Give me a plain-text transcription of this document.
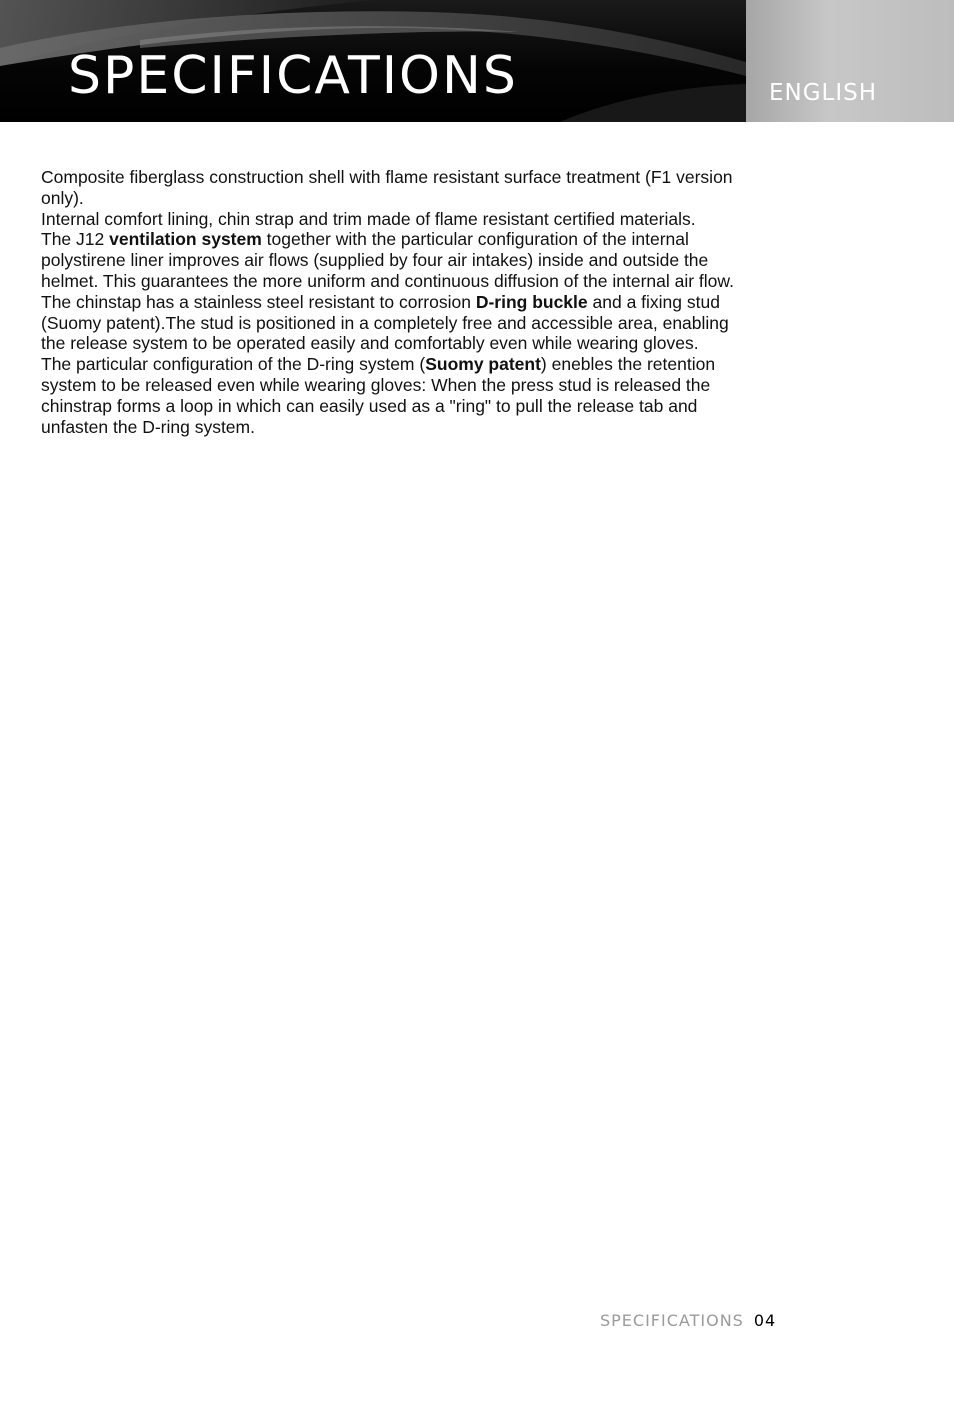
SPECIFICATIONS	ENGLISH

Composite fiberglass construction shell with flame resistant surface treatment (F1 version only).

Internal comfort lining, chin strap and trim made of flame resistant certified materials.

The J12 ventilation system together with the particular configuration of the internal polystirene liner improves air flows (supplied by four air intakes) inside and outside the helmet. This guarantees the more uniform and continuous diffusion of the internal air flow.

The chinstap has a stainless steel resistant to corrosion D-ring buckle and a fixing stud (Suomy patent).The stud is positioned in a completely free and accessible area, enabling the release system to be operated easily and comfortably even while wearing gloves.

The particular configuration of the D-ring system (Suomy patent) enebles the retention system to be released even while wearing gloves: When the press stud is released the chinstrap forms a loop in which can easily used as a "ring" to pull the release tab and unfasten the D-ring system.

SPECIFICATIONS 04
